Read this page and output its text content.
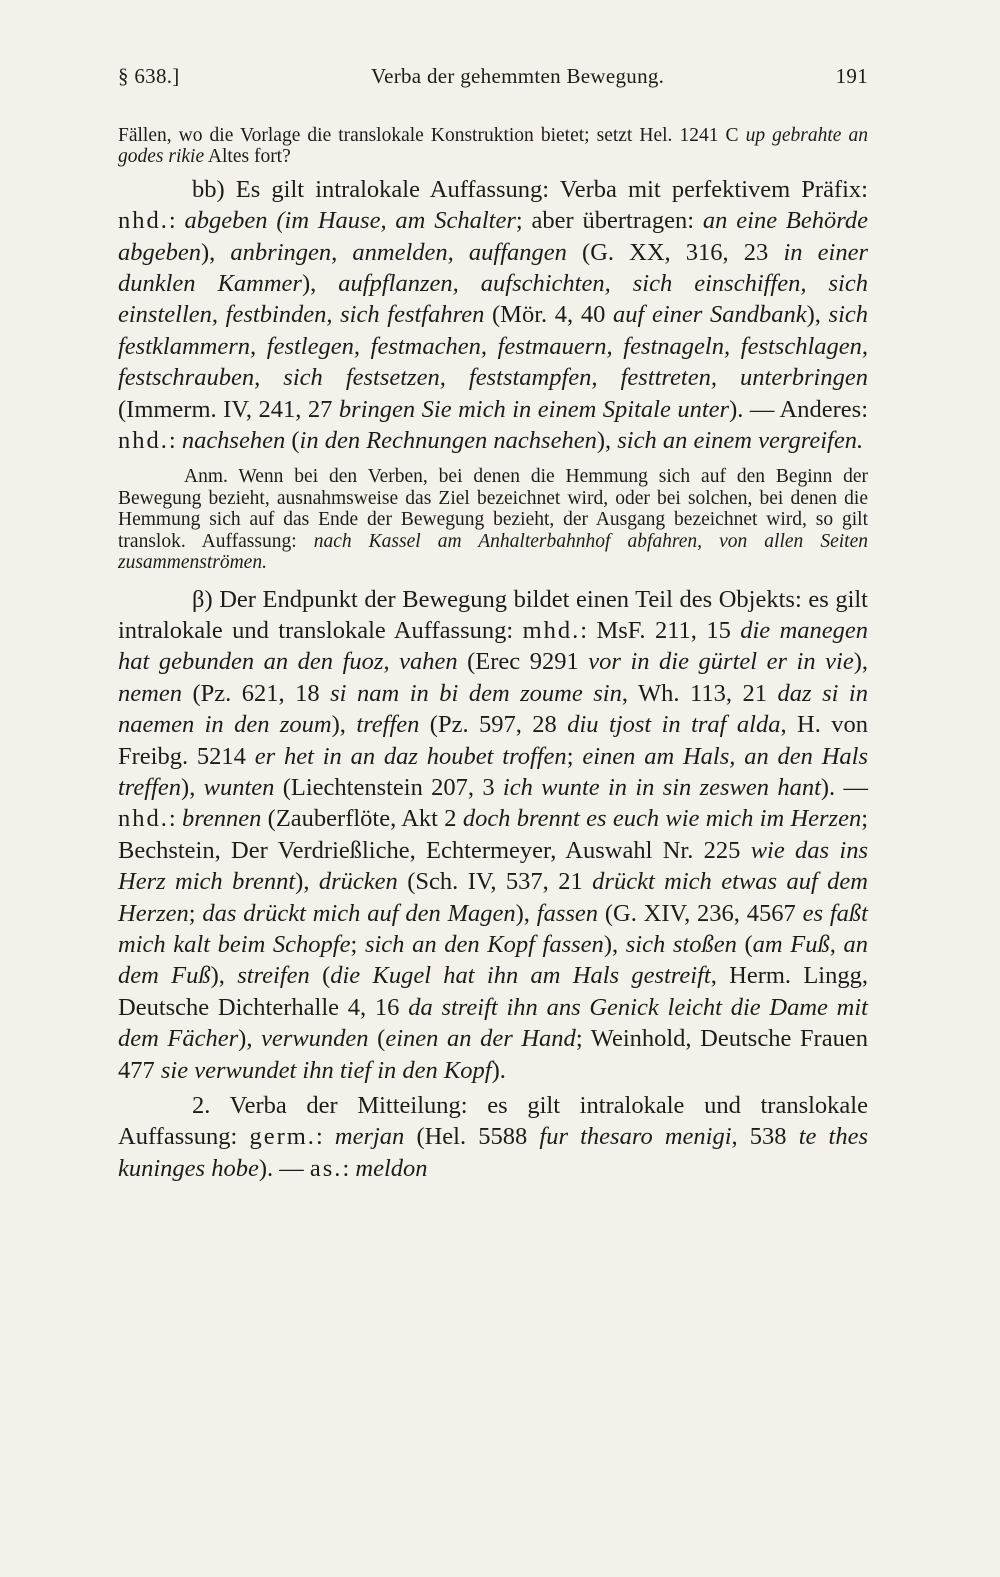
§ 638.]	Verba der gehemmten Bewegung.	191

Fällen, wo die Vorlage die translokale Konstruktion bietet; setzt Hel. 1241 C up gebrahte an godes rikie Altes fort?

bb) Es gilt intralokale Auffassung: Verba mit perfektivem Präfix: nhd.: abgeben (im Hause, am Schalter; aber übertragen: an eine Behörde abgeben), anbringen, anmelden, auffangen (G. XX, 316, 23 in einer dunklen Kammer), aufpflanzen, aufschichten, sich einschiffen, sich einstellen, festbinden, sich festfahren (Mör. 4, 40 auf einer Sandbank), sich festklammern, festlegen, festmachen, festmauern, festnageln, festschlagen, festschrauben, sich festsetzen, feststampfen, festtreten, unterbringen (Immerm. IV, 241, 27 bringen Sie mich in einem Spitale unter). — Anderes: nhd.: nachsehen (in den Rechnungen nachsehen), sich an einem vergreifen.

Anm. Wenn bei den Verben, bei denen die Hemmung sich auf den Beginn der Bewegung bezieht, ausnahmsweise das Ziel bezeichnet wird, oder bei solchen, bei denen die Hemmung sich auf das Ende der Bewegung bezieht, der Ausgang bezeichnet wird, so gilt translok. Auffassung: nach Kassel am Anhalterbahnhof abfahren, von allen Seiten zusammenströmen.

β) Der Endpunkt der Bewegung bildet einen Teil des Objekts: es gilt intralokale und translokale Auffassung: mhd.: MsF. 211, 15 die manegen hat gebunden an den fuoz, vahen (Erec 9291 vor in die gürtel er in vie), nemen (Pz. 621, 18 si nam in bi dem zoume sin, Wh. 113, 21 daz si in naemen in den zoum), treffen (Pz. 597, 28 diu tjost in traf alda, H. von Freibg. 5214 er het in an daz houbet troffen; einen am Hals, an den Hals treffen), wunten (Liechtenstein 207, 3 ich wunte in in sin zeswen hant). — nhd.: brennen (Zauberflöte, Akt 2 doch brennt es euch wie mich im Herzen; Bechstein, Der Verdrießliche, Echtermeyer, Auswahl Nr. 225 wie das ins Herz mich brennt), drücken (Sch. IV, 537, 21 drückt mich etwas auf dem Herzen; das drückt mich auf den Magen), fassen (G. XIV, 236, 4567 es faßt mich kalt beim Schopfe; sich an den Kopf fassen), sich stoßen (am Fuß, an dem Fuß), streifen (die Kugel hat ihn am Hals gestreift, Herm. Lingg, Deutsche Dichterhalle 4, 16 da streift ihn ans Genick leicht die Dame mit dem Fächer), verwunden (einen an der Hand; Weinhold, Deutsche Frauen 477 sie verwundet ihn tief in den Kopf).

2. Verba der Mitteilung: es gilt intralokale und translokale Auffassung: germ.: merjan (Hel. 5588 fur thesaro menigi, 538 te thes kuninges hobe). — as.: meldon
